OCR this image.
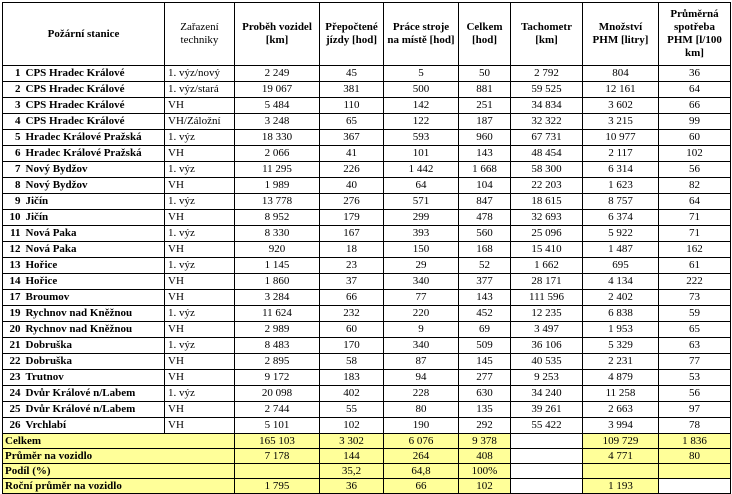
Požární stanice		Zařazení techniky	Proběh vozidel [km]	Přepočtené jízdy [hod]	Práce stroje na místě [hod]	Celkem [hod]	Tachometr [km]	Množství PHM [litry]	Průměrná spotřeba PHM [l/100 km]
1	CPS Hradec Králové	1. výz/nový	2 249	45	5	50	2 792	804	36
2	CPS Hradec Králové	1. výz/stará	19 067	381	500	881	59 525	12 161	64
3	CPS Hradec Králové	VH	5 484	110	142	251	34 834	3 602	66
4	CPS Hradec Králové	VH/Záložní	3 248	65	122	187	32 322	3 215	99
5	Hradec Králové Pražská	1. výz	18 330	367	593	960	67 731	10 977	60
6	Hradec Králové Pražská	VH	2 066	41	101	143	48 454	2 117	102
7	Nový Bydžov	1. výz	11 295	226	1 442	1 668	58 300	6 314	56
8	Nový Bydžov	VH	1 989	40	64	104	22 203	1 623	82
9	Jičín	1. výz	13 778	276	571	847	18 615	8 757	64
10	Jičín	VH	8 952	179	299	478	32 693	6 374	71
11	Nová Paka	1. výz	8 330	167	393	560	25 096	5 922	71
12	Nová Paka	VH	920	18	150	168	15 410	1 487	162
13	Hořice	1. výz	1 145	23	29	52	1 662	695	61
14	Hořice	VH	1 860	37	340	377	28 171	4 134	222
17	Broumov	VH	3 284	66	77	143	111 596	2 402	73
19	Rychnov nad Kněžnou	1. výz	11 624	232	220	452	12 235	6 838	59
20	Rychnov nad Kněžnou	VH	2 989	60	9	69	3 497	1 953	65
21	Dobruška	1. výz	8 483	170	340	509	36 106	5 329	63
22	Dobruška	VH	2 895	58	87	145	40 535	2 231	77
23	Trutnov	VH	9 172	183	94	277	9 253	4 879	53
24	Dvůr Králové n/Labem	1. výz	20 098	402	228	630	34 240	11 258	56
25	Dvůr Králové n/Labem	VH	2 744	55	80	135	39 261	2 663	97
26	Vrchlabí	VH	5 101	102	190	292	55 422	3 994	78
Celkem			165 103	3 302	6 076	9 378		109 729	1 836
Průměr na vozidlo			7 178	144	264	408		4 771	80
Podíl (%)				35,2	64,8	100%			
Roční průměr na vozidlo			1 795	36	66	102		1 193	
